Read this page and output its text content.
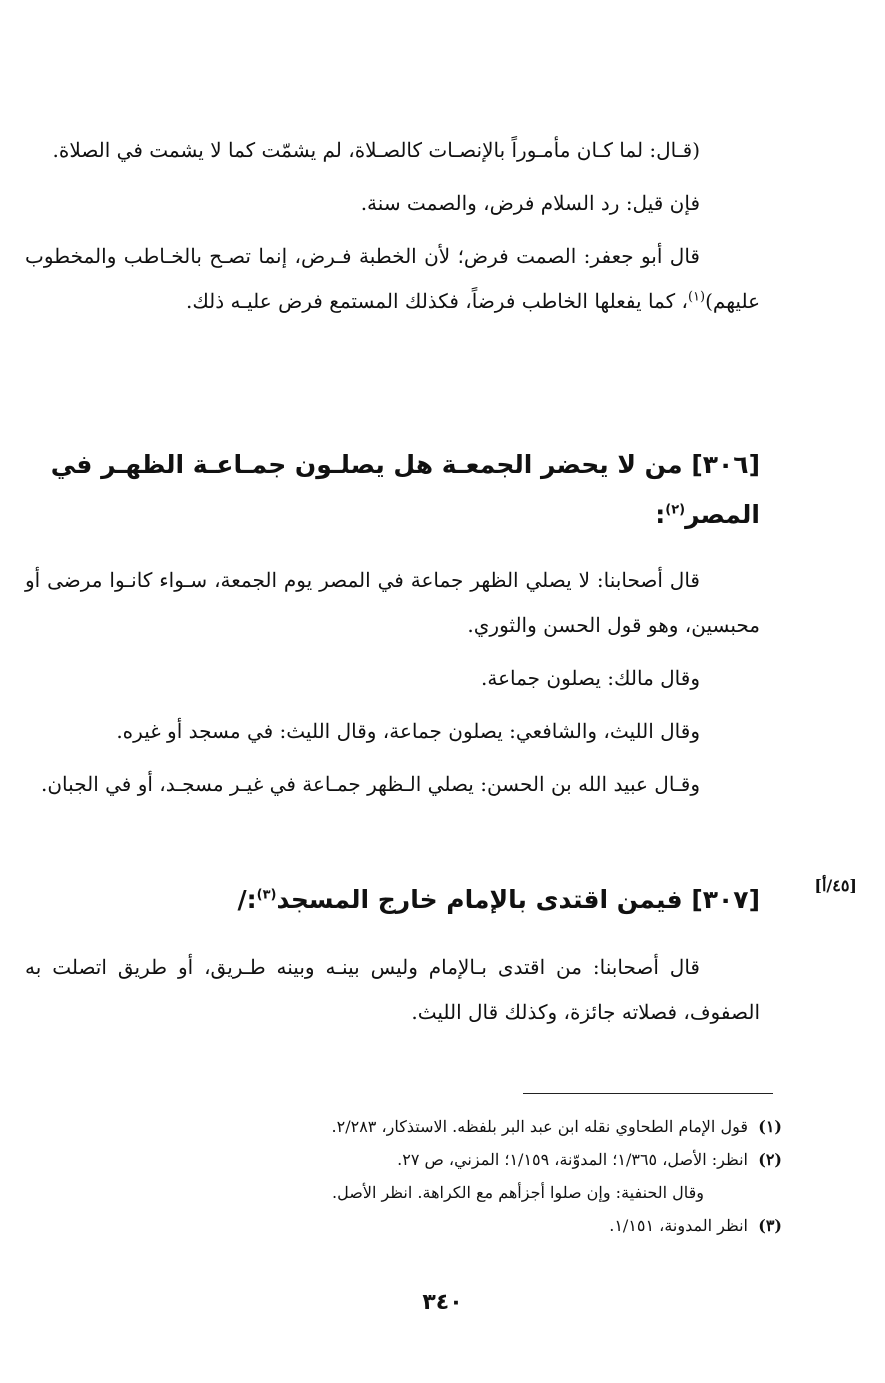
(قـال: لما كـان مأمـوراً بالإنصـات كالصـلاة، لم يشمّت كما لا يشمت في الصلاة.

فإن قيل: رد السلام فرض، والصمت سنة.

قال أبو جعفر: الصمت فرض؛ لأن الخطبة فـرض، إنما تصـح بالخـاطب والمخطوب عليهم)$^{(١)}$، كما يفعلها الخاطب فرضاً، فكذلك المستمع فرض عليـه ذلك.

[٣٠٦] من لا يحضر الجمعـة هل يصلـون جمـاعـة الظهـر في المصر$^{(٢)}$:

قال أصحابنا: لا يصلي الظهر جماعة في المصر يوم الجمعة، سـواء كانـوا مرضى أو محبسين، وهو قول الحسن والثوري.

وقال مالك: يصلون جماعة.

وقال الليث، والشافعي: يصلون جماعة، وقال الليث: في مسجد أو غيره.

وقـال عبيد الله بن الحسن: يصلي الـظهر جمـاعة في غيـر مسجـد، أو في الجبان.

[٤٥/أ]
[٣٠٧] فيمن اقتدى بالإمام خارج المسجد$^{(٣)}$:/

قال أصحابنا: من اقتدى بـالإمام وليس بينـه وبينه طـريق، أو طريق اتصلت به الصفوف، فصلاته جائزة، وكذلك قال الليث.

(١)قول الإمام الطحاوي نقله ابن عبد البر بلفظه. الاستذكار، ٢/٢٨٣.

(٢)انظر: الأصل، ١/٣٦٥؛ المدوّنة، ١/١٥٩؛ المزني، ص ٢٧.

وقال الحنفية: وإن صلوا أجزأهم مع الكراهة. انظر الأصل.

(٣)انظر المدونة، ١/١٥١.

٣٤٠
